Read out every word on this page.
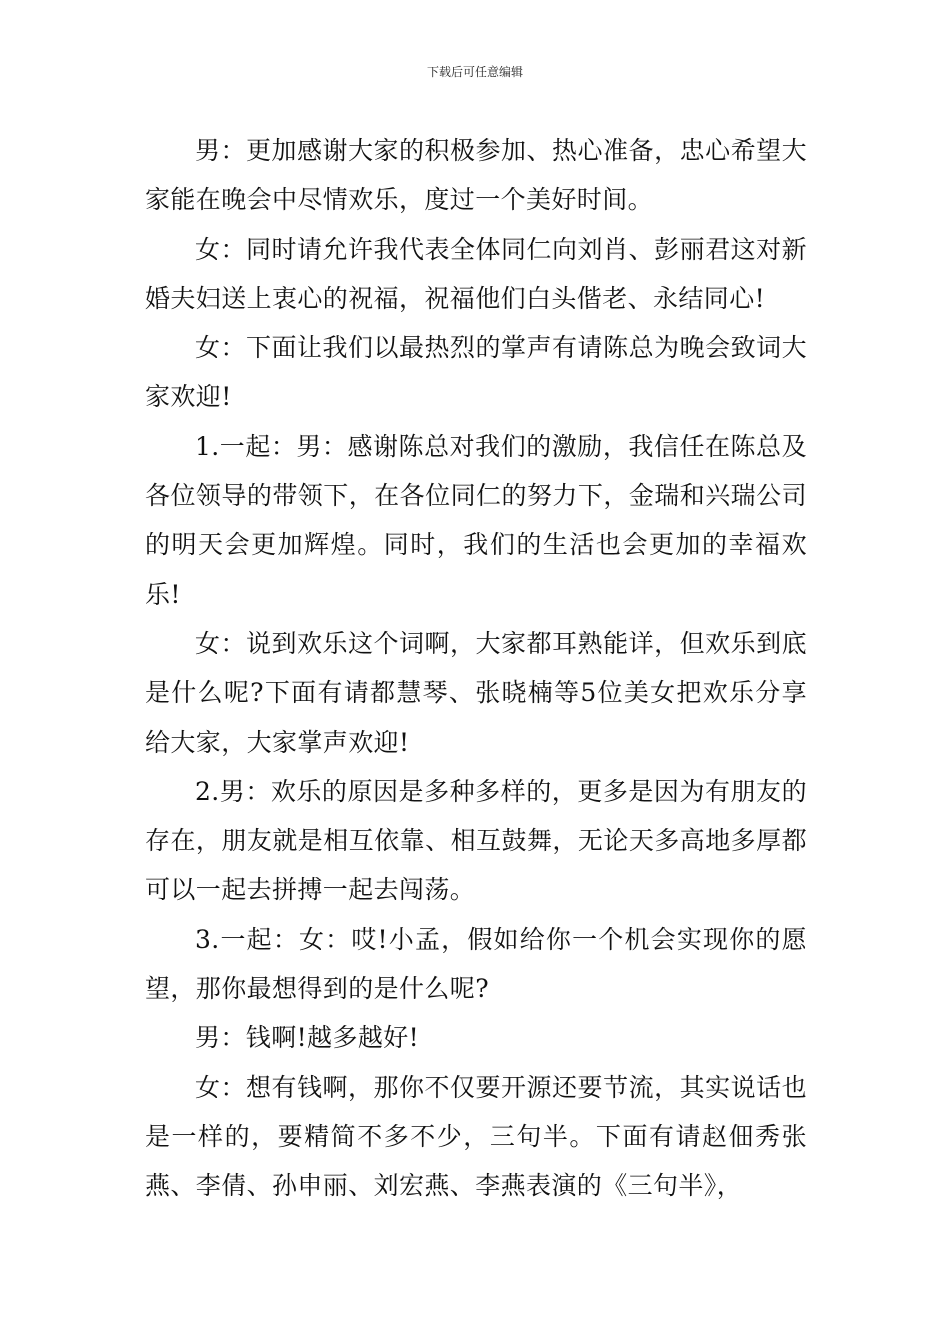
下载后可任意编辑

男：更加感谢大家的积极参加、热心准备，忠心希望大家能在晚会中尽情欢乐，度过一个美好时间。

女：同时请允许我代表全体同仁向刘肖、彭丽君这对新婚夫妇送上衷心的祝福，祝福他们白头偕老、永结同心!

女：下面让我们以最热烈的掌声有请陈总为晚会致词大家欢迎!

1.一起：男：感谢陈总对我们的激励，我信任在陈总及各位领导的带领下，在各位同仁的努力下，金瑞和兴瑞公司的明天会更加辉煌。同时，我们的生活也会更加的幸福欢乐!

女：说到欢乐这个词啊，大家都耳熟能详，但欢乐到底是什么呢?下面有请都慧琴、张晓楠等5位美女把欢乐分享给大家，大家掌声欢迎!

2.男：欢乐的原因是多种多样的，更多是因为有朋友的存在，朋友就是相互依靠、相互鼓舞，无论天多高地多厚都可以一起去拼搏一起去闯荡。

3.一起：女：哎!小孟，假如给你一个机会实现你的愿望，那你最想得到的是什么呢?

男：钱啊!越多越好!

女：想有钱啊，那你不仅要开源还要节流，其实说话也是一样的，要精简不多不少，三句半。下面有请赵佃秀张燕、李倩、孙申丽、刘宏燕、李燕表演的《三句半》，
